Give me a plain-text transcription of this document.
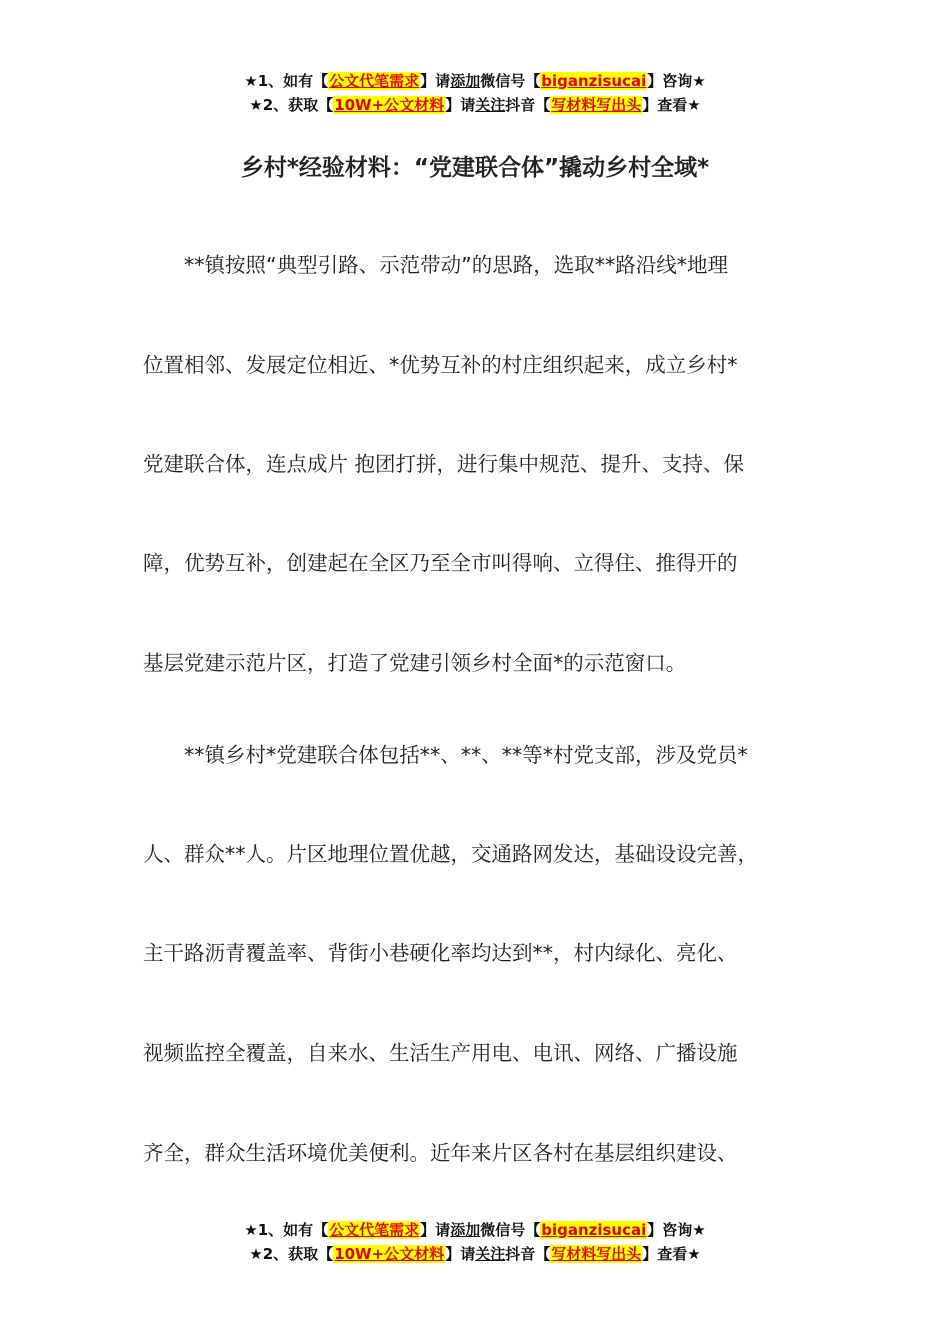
★1、如有【公文代笔需求】请添加微信号【biganzisucai】咨询★
★2、获取【10W+公文材料】请关注抖音【写材料写出头】查看★
乡村*经验材料：“党建联合体”撬动乡村全域*
**镇按照“典型引路、示范带动”的思路，选取**路沿线*地理
位置相邻、发展定位相近、*优势互补的村庄组织起来，成立乡村*
党建联合体，连点成片 抱团打拼，进行集中规范、提升、支持、保
障，优势互补，创建起在全区乃至全市叫得响、立得住、推得开的
基层党建示范片区，打造了党建引领乡村全面*的示范窗口。
**镇乡村*党建联合体包括**、**、**等*村党支部，涉及党员*
人、群众**人。片区地理位置优越，交通路网发达，基础设设完善，
主干路沥青覆盖率、背街小巷硬化率均达到**，村内绿化、亮化、
视频监控全覆盖，自来水、生活生产用电、电讯、网络、广播设施
齐全，群众生活环境优美便利。近年来片区各村在基层组织建设、
★1、如有【公文代笔需求】请添加微信号【biganzisucai】咨询★
★2、获取【10W+公文材料】请关注抖音【写材料写出头】查看★
